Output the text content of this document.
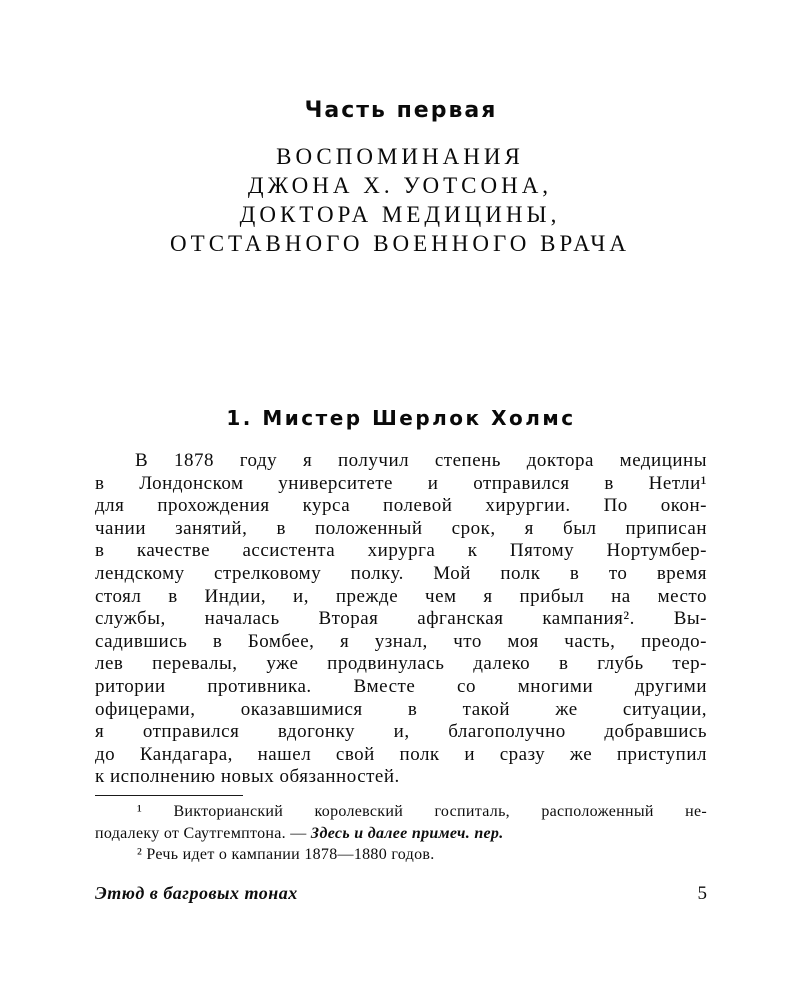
Часть первая
ВОСПОМИНАНИЯ
ДЖОНА Х. УОТСОНА,
ДОКТОРА МЕДИЦИНЫ,
ОТСТАВНОГО ВОЕННОГО ВРАЧА
1. Мистер Шерлок Холмс
В 1878 году я получил степень доктора медицины
в Лондонском университете и отправился в Нетли¹
для прохождения курса полевой хирургии. По окон-
чании занятий, в положенный срок, я был приписан
в качестве ассистента хирурга к Пятому Нортумбер-
лендскому стрелковому полку. Мой полк в то время
стоял в Индии, и, прежде чем я прибыл на место
службы, началась Вторая афганская кампания². Вы-
садившись в Бомбее, я узнал, что моя часть, преодо-
лев перевалы, уже продвинулась далеко в глубь тер-
ритории противника. Вместе со многими другими
офицерами, оказавшимися в такой же ситуации,
я отправился вдогонку и, благополучно добравшись
до Кандагара, нашел свой полк и сразу же приступил
к исполнению новых обязанностей.
¹ Викторианский королевский госпиталь, расположенный не-
подалеку от Саутгемптона. — Здесь и далее примеч. пер.
² Речь идет о кампании 1878—1880 годов.
Этюд в багровых тонах	5
